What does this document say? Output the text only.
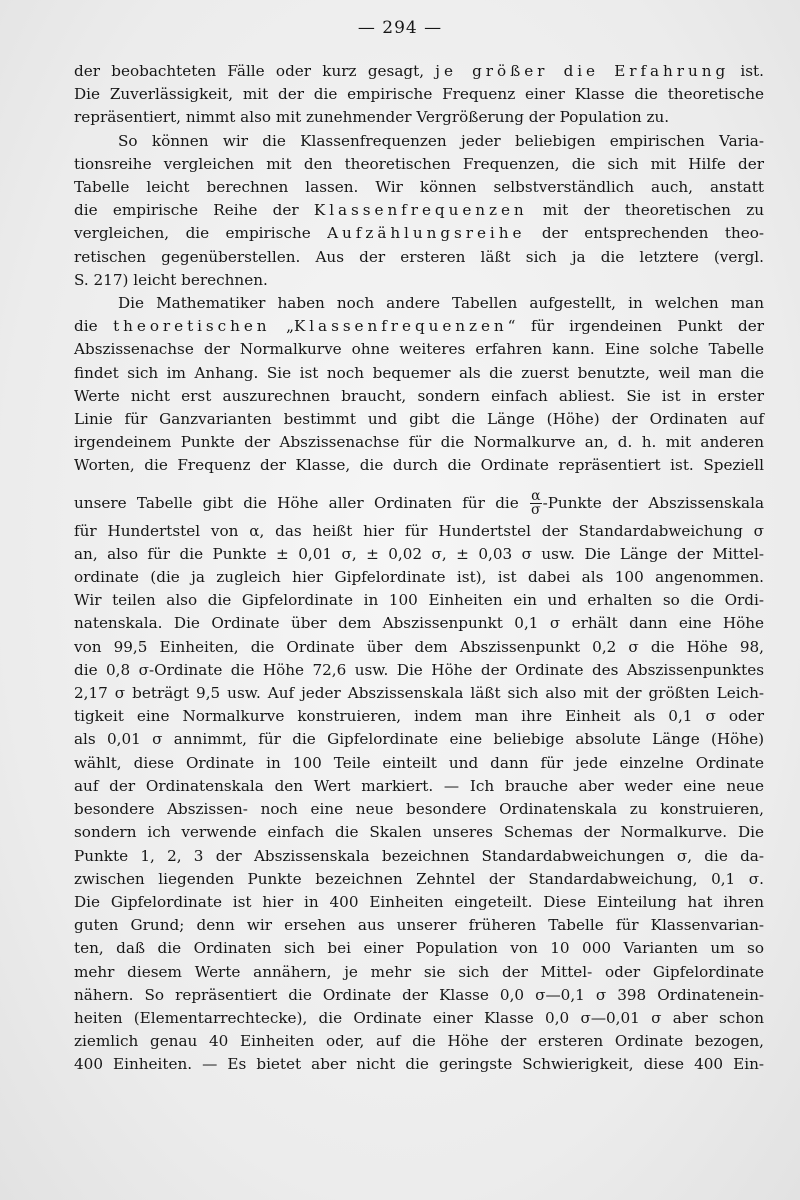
— 294 —
der beobachteten Fälle oder kurz gesagt, je größer die Erfahrung ist.
Die Zuverlässigkeit, mit der die empirische Frequenz einer Klasse die theoretische
repräsentiert, nimmt also mit zunehmender Vergrößerung der Population zu.
So können wir die Klassenfrequenzen jeder beliebigen empirischen Varia-
tionsreihe vergleichen mit den theoretischen Frequenzen, die sich mit Hilfe der
Tabelle leicht berechnen lassen. Wir können selbstverständlich auch, anstatt
die empirische Reihe der Klassenfrequenzen mit der theoretischen zu
vergleichen, die empirische Aufzählungsreihe der entsprechenden theo-
retischen gegenüberstellen. Aus der ersteren läßt sich ja die letztere (vergl.
S. 217) leicht berechnen.
Die Mathematiker haben noch andere Tabellen aufgestellt, in welchen man
die theoretischen „Klassenfrequenzen“ für irgendeinen Punkt der
Abszissenachse der Normalkurve ohne weiteres erfahren kann. Eine solche Tabelle
findet sich im Anhang. Sie ist noch bequemer als die zuerst benutzte, weil man die
Werte nicht erst auszurechnen braucht, sondern einfach abliest. Sie ist in erster
Linie für Ganzvarianten bestimmt und gibt die Länge (Höhe) der Ordinaten auf
irgendeinem Punkte der Abszissenachse für die Normalkurve an, d. h. mit anderen
Worten, die Frequenz der Klasse, die durch die Ordinate repräsentiert ist. Speziell
unsere Tabelle gibt die Höhe aller Ordinaten für die $\frac{\alpha}{\sigma}$ -Punkte der Abszissenskala
für Hundertstel von α, das heißt hier für Hundertstel der Standardabweichung σ
an, also für die Punkte ± 0,01 σ, ± 0,02 σ, ± 0,03 σ usw. Die Länge der Mittel-
ordinate (die ja zugleich hier Gipfelordinate ist), ist dabei als 100 angenommen.
Wir teilen also die Gipfelordinate in 100 Einheiten ein und erhalten so die Ordi-
natenskala. Die Ordinate über dem Abszissenpunkt 0,1 σ erhält dann eine Höhe
von 99,5 Einheiten, die Ordinate über dem Abszissenpunkt 0,2 σ die Höhe 98,
die 0,8 σ-Ordinate die Höhe 72,6 usw. Die Höhe der Ordinate des Abszissenpunktes
2,17 σ beträgt 9,5 usw. Auf jeder Abszissenskala läßt sich also mit der größten Leich-
tigkeit eine Normalkurve konstruieren, indem man ihre Einheit als 0,1 σ oder
als 0,01 σ annimmt, für die Gipfelordinate eine beliebige absolute Länge (Höhe)
wählt, diese Ordinate in 100 Teile einteilt und dann für jede einzelne Ordinate
auf der Ordinatenskala den Wert markiert. — Ich brauche aber weder eine neue
besondere Abszissen- noch eine neue besondere Ordinatenskala zu konstruieren,
sondern ich verwende einfach die Skalen unseres Schemas der Normalkurve. Die
Punkte 1, 2, 3 der Abszissenskala bezeichnen Standardabweichungen σ, die da-
zwischen liegenden Punkte bezeichnen Zehntel der Standardabweichung, 0,1 σ.
Die Gipfelordinate ist hier in 400 Einheiten eingeteilt. Diese Einteilung hat ihren
guten Grund; denn wir ersehen aus unserer früheren Tabelle für Klassenvarian-
ten, daß die Ordinaten sich bei einer Population von 10 000 Varianten um so
mehr diesem Werte annähern, je mehr sie sich der Mittel- oder Gipfelordinate
nähern. So repräsentiert die Ordinate der Klasse 0,0 σ—0,1 σ 398 Ordinatenein-
heiten (Elementarrechtecke), die Ordinate einer Klasse 0,0 σ—0,01 σ aber schon
ziemlich genau 40 Einheiten oder, auf die Höhe der ersteren Ordinate bezogen,
400 Einheiten. — Es bietet aber nicht die geringste Schwierigkeit, diese 400 Ein-
